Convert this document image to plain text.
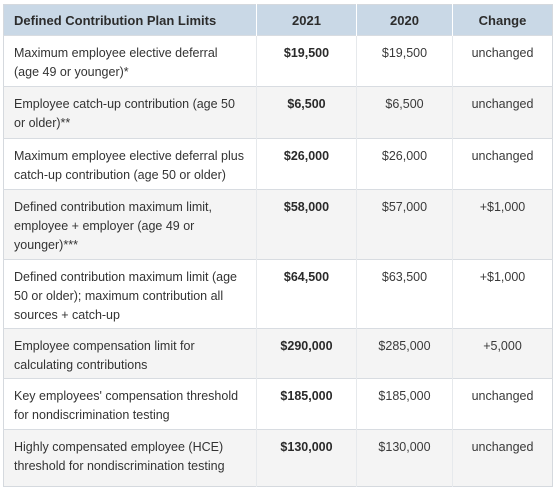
Defined Contribution Plan Limits	2021	2020	Change
Maximum employee elective deferral (age 49 or younger)*	$19,500	$19,500	unchanged
Employee catch-up contribution (age 50 or older)**	$6,500	$6,500	unchanged
Maximum employee elective deferral plus catch-up contribution (age 50 or older)	$26,000	$26,000	unchanged
Defined contribution maximum limit, employee + employer (age 49 or younger)***	$58,000	$57,000	+$1,000
Defined contribution maximum limit (age 50 or older); maximum contribution all sources + catch-up	$64,500	$63,500	+$1,000
Employee compensation limit for calculating contributions	$290,000	$285,000	+5,000
Key employees' compensation threshold for nondiscrimination testing	$185,000	$185,000	unchanged
Highly compensated employee (HCE) threshold for nondiscrimination testing	$130,000	$130,000	unchanged
